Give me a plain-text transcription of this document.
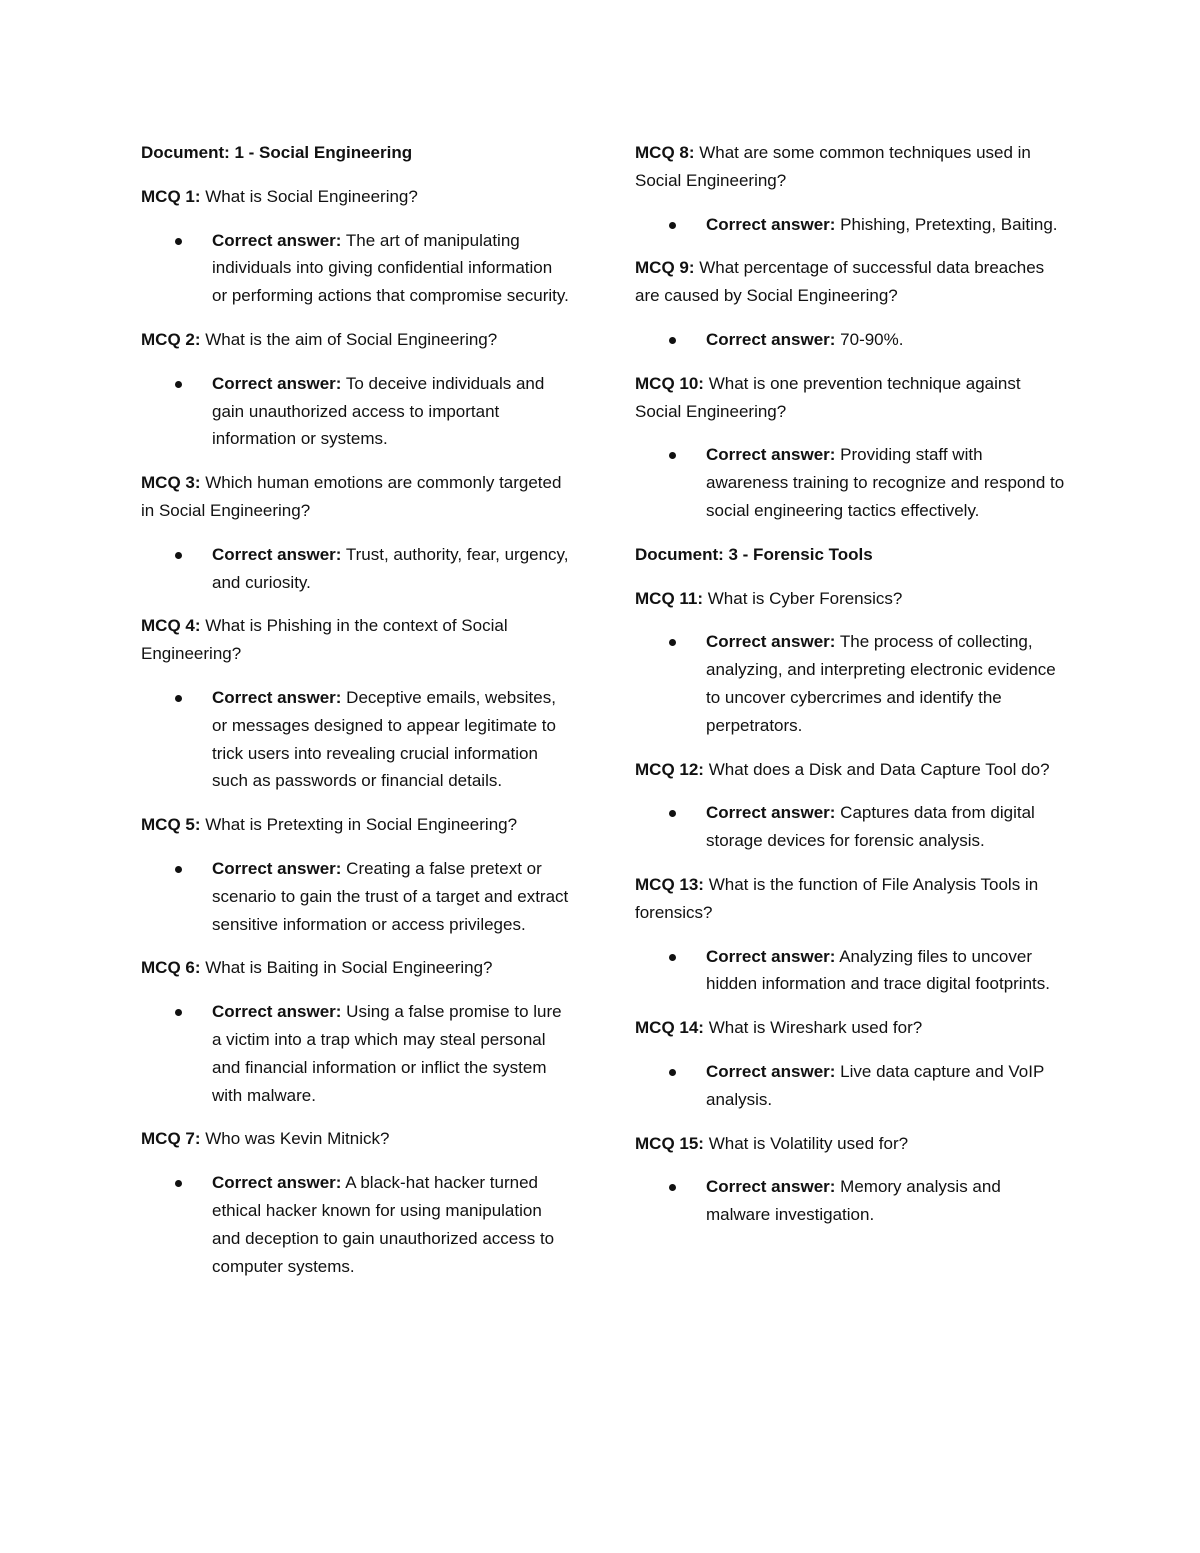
Document: 1 - Social Engineering
MCQ 1: What is Social Engineering?
Correct answer: The art of manipulating individuals into giving confidential information or performing actions that compromise security.
MCQ 2: What is the aim of Social Engineering?
Correct answer: To deceive individuals and gain unauthorized access to important information or systems.
MCQ 3: Which human emotions are commonly targeted in Social Engineering?
Correct answer: Trust, authority, fear, urgency, and curiosity.
MCQ 4: What is Phishing in the context of Social Engineering?
Correct answer: Deceptive emails, websites, or messages designed to appear legitimate to trick users into revealing crucial information such as passwords or financial details.
MCQ 5: What is Pretexting in Social Engineering?
Correct answer: Creating a false pretext or scenario to gain the trust of a target and extract sensitive information or access privileges.
MCQ 6: What is Baiting in Social Engineering?
Correct answer: Using a false promise to lure a victim into a trap which may steal personal and financial information or inflict the system with malware.
MCQ 7: Who was Kevin Mitnick?
Correct answer: A black-hat hacker turned ethical hacker known for using manipulation and deception to gain unauthorized access to computer systems.
MCQ 8: What are some common techniques used in Social Engineering?
Correct answer: Phishing, Pretexting, Baiting.
MCQ 9: What percentage of successful data breaches are caused by Social Engineering?
Correct answer: 70-90%.
MCQ 10: What is one prevention technique against Social Engineering?
Correct answer: Providing staff with awareness training to recognize and respond to social engineering tactics effectively.
Document: 3 - Forensic Tools
MCQ 11: What is Cyber Forensics?
Correct answer: The process of collecting, analyzing, and interpreting electronic evidence to uncover cybercrimes and identify the perpetrators.
MCQ 12: What does a Disk and Data Capture Tool do?
Correct answer: Captures data from digital storage devices for forensic analysis.
MCQ 13: What is the function of File Analysis Tools in forensics?
Correct answer: Analyzing files to uncover hidden information and trace digital footprints.
MCQ 14: What is Wireshark used for?
Correct answer: Live data capture and VoIP analysis.
MCQ 15: What is Volatility used for?
Correct answer: Memory analysis and malware investigation.
